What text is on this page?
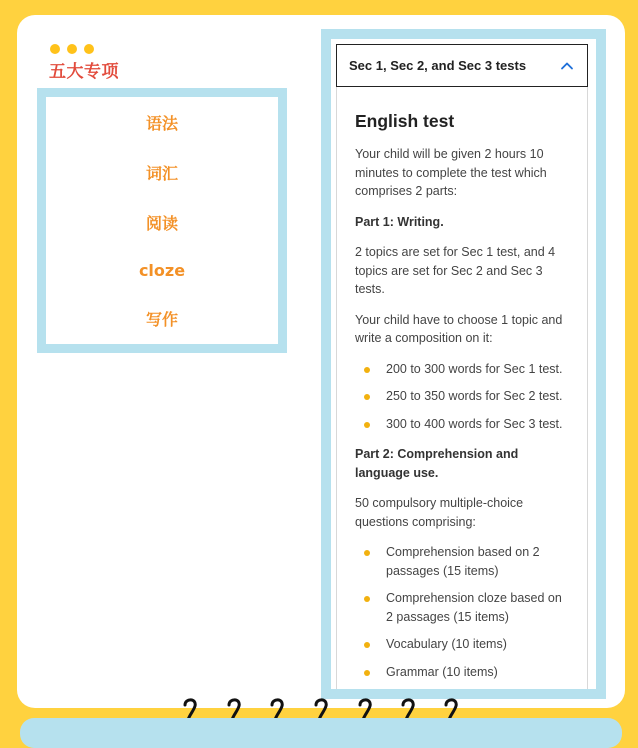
五大专项
语法
词汇
阅读
cloze
写作
Sec 1, Sec 2, and Sec 3 tests
English test

Your child will be given 2 hours 10 minutes to complete the test which comprises 2 parts:

Part 1: Writing.

2 topics are set for Sec 1 test, and 4 topics are set for Sec 2 and Sec 3 tests.

Your child have to choose 1 topic and write a composition on it:

200 to 300 words for Sec 1 test.
250 to 350 words for Sec 2 test.
300 to 400 words for Sec 3 test.

Part 2: Comprehension and language use.

50 compulsory multiple-choice questions comprising:

Comprehension based on 2 passages (15 items)
Comprehension cloze based on 2 passages (15 items)
Vocabulary (10 items)
Grammar (10 items)
